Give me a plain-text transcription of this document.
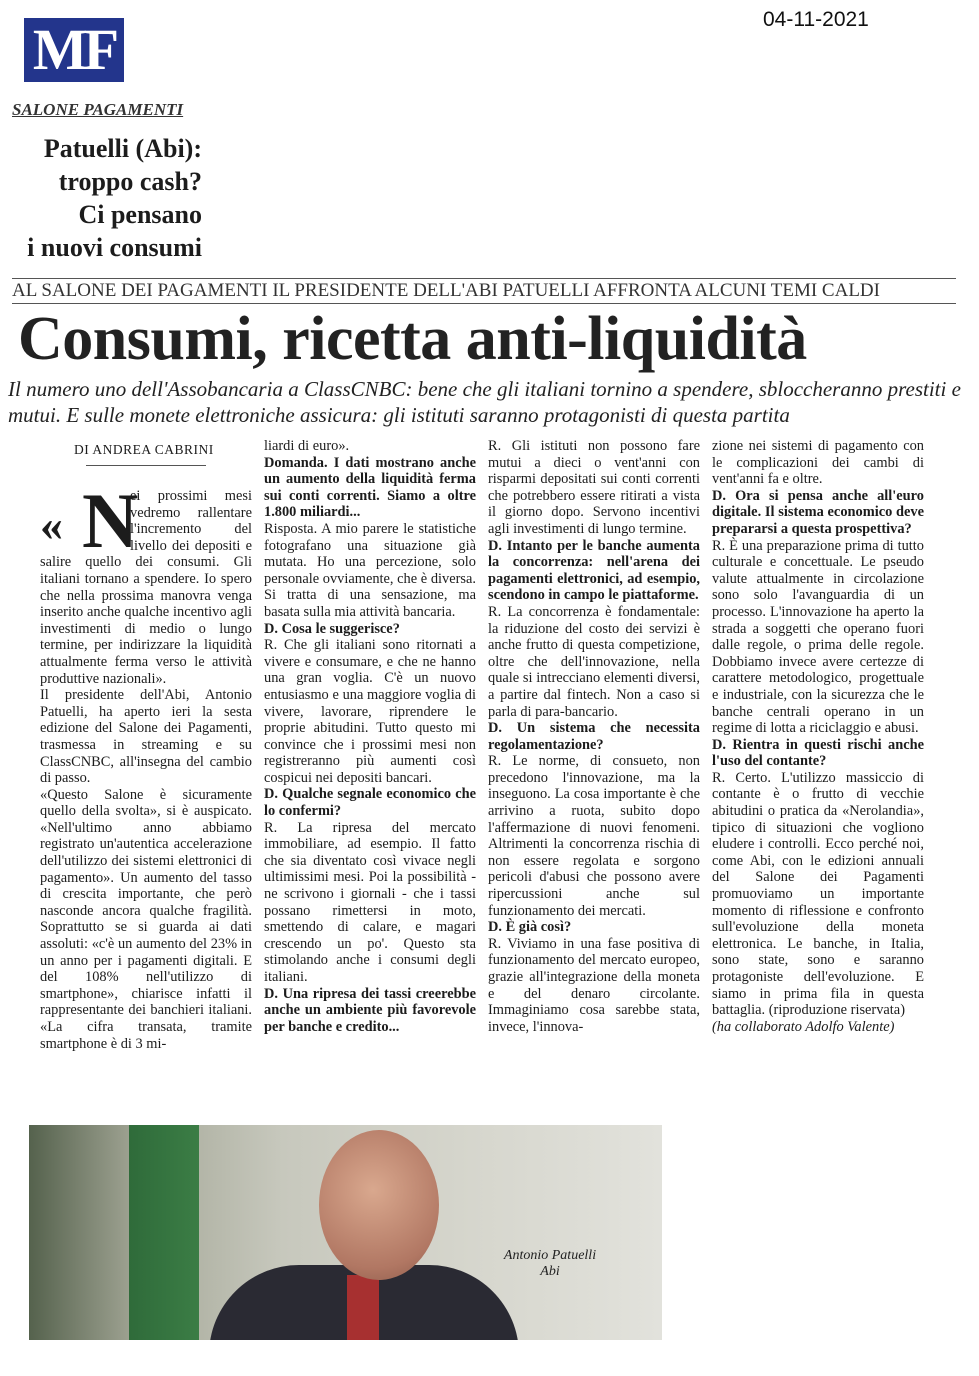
04-11-2021
MF
SALONE PAGAMENTI
Patuelli (Abi):
troppo cash?
Ci pensano
i nuovi consumi
AL SALONE DEI PAGAMENTI IL PRESIDENTE DELL'ABI PATUELLI AFFRONTA ALCUNI TEMI CALDI
Consumi, ricetta anti-liquidità
Il numero uno dell'Assobancaria a ClassCNBC: bene che gli italiani tornino a spendere, sbloccheranno prestiti e mutui. E sulle monete elettroniche assicura: gli istituti saranno protagonisti di questa partita
DI ANDREA CABRINI
« N

ei prossimi mesi vedremo rallentare l'incremento del livello dei depositi e salire quello dei consumi. Gli italiani tornano a spendere. Io spero che nella prossima manovra venga inserito anche qualche incentivo agli investimenti di medio o lungo termine, per indirizzare la liquidità attualmente ferma verso le attività produttive nazionali».

Il presidente dell'Abi, Antonio Patuelli, ha aperto ieri la sesta edizione del Salone dei Pagamenti, trasmessa in streaming e su ClassCNBC, all'insegna del cambio di passo.

«Questo Salone è sicuramente quello della svolta», si è auspicato. «Nell'ultimo anno abbiamo registrato un'autentica accelerazione dell'utilizzo dei sistemi elettronici di pagamento». Un aumento del tasso di crescita importante, che però nasconde ancora qualche fragilità. Soprattutto se si guarda ai dati assoluti: «c'è un aumento del 23% in un anno per i pagamenti digitali. E del 108% nell'utilizzo di smartphone», chiarisce infatti il rappresentante dei banchieri italiani. «La cifra transata, tramite smartphone è di 3 mi-

liardi di euro».

Domanda. I dati mostrano anche un aumento della liquidità ferma sui conti correnti. Siamo a oltre 1.800 miliardi...

Risposta. A mio parere le statistiche fotografano una situazione già mutata. Ho una percezione, solo personale ovviamente, che è diversa. Si tratta di una sensazione, ma basata sulla mia attività bancaria.

D. Cosa le suggerisce?

R. Che gli italiani sono ritornati a vivere e consumare, e che ne hanno una gran voglia. C'è un nuovo entusiasmo e una maggiore voglia di vivere, lavorare, riprendere le proprie abitudini. Tutto questo mi convince che i prossimi mesi non registreranno più aumenti così cospicui nei depositi bancari.

D. Qualche segnale economico che lo confermi?

R. La ripresa del mercato immobiliare, ad esempio. Il fatto che sia diventato così vivace negli ultimissimi mesi. Poi la possibilità - ne scrivono i giornali - che i tassi possano rimettersi in moto, smettendo di calare, e magari crescendo un po'. Questo sta stimolando anche i consumi degli italiani.

D. Una ripresa dei tassi creerebbe anche un ambiente più favorevole per banche e credito...

R. Gli istituti non possono fare mutui a dieci o vent'anni con risparmi depositati sui conti correnti che potrebbero essere ritirati a vista il giorno dopo. Servono incentivi agli investimenti di lungo termine.

D. Intanto per le banche aumenta la concorrenza: nell'arena dei pagamenti elettronici, ad esempio, scendono in campo le piattaforme.

R. La concorrenza è fondamentale: la riduzione del costo dei servizi è anche frutto di questa competizione, oltre che dell'innovazione, nella quale si intrecciano elementi diversi, a partire dal fintech. Non a caso si parla di para-bancario.

D. Un sistema che necessita regolamentazione?

R. Le norme, di consueto, non precedono l'innovazione, ma la inseguono. La cosa importante è che arrivino a ruota, subito dopo l'affermazione di nuovi fenomeni. Altrimenti la concorrenza rischia di non essere regolata e sorgono pericoli d'abusi che possono avere ripercussioni anche sul funzionamento dei mercati.

D. È già così?

R. Viviamo in una fase positiva di funzionamento del mercato europeo, grazie all'integrazione della moneta e del denaro circolante. Immaginiamo cosa sarebbe stata, invece, l'innova-

zione nei sistemi di pagamento con le complicazioni dei cambi di vent'anni fa e oltre.

D. Ora si pensa anche all'euro digitale. Il sistema economico deve prepararsi a questa prospettiva?

R. È una preparazione prima di tutto culturale e concettuale. Le pseudo valute attualmente in circolazione sono solo l'avanguardia di un processo. L'innovazione ha aperto la strada a soggetti che operano fuori dalle regole, o prima delle regole. Dobbiamo invece avere certezze di carattere metodologico, progettuale e industriale, con la sicurezza che le banche centrali operano in un regime di lotta a riciclaggio e abusi.

D. Rientra in questi rischi anche l'uso del contante?

R. Certo. L'utilizzo massiccio di contante è o frutto di vecchie abitudini o pratica da «Nerolandia», tipico di situazioni che vogliono eludere i controlli. Ecco perché noi, come Abi, con le edizioni annuali del Salone dei Pagamenti promuoviamo un importante momento di riflessione e confronto sull'evoluzione della moneta elettronica. Le banche, in Italia, sono state, sono e saranno protagoniste dell'evoluzione. E siamo in prima fila in questa battaglia. (riproduzione riservata)

(ha collaborato Adolfo Valente)

Antonio Patuelli
Abi
